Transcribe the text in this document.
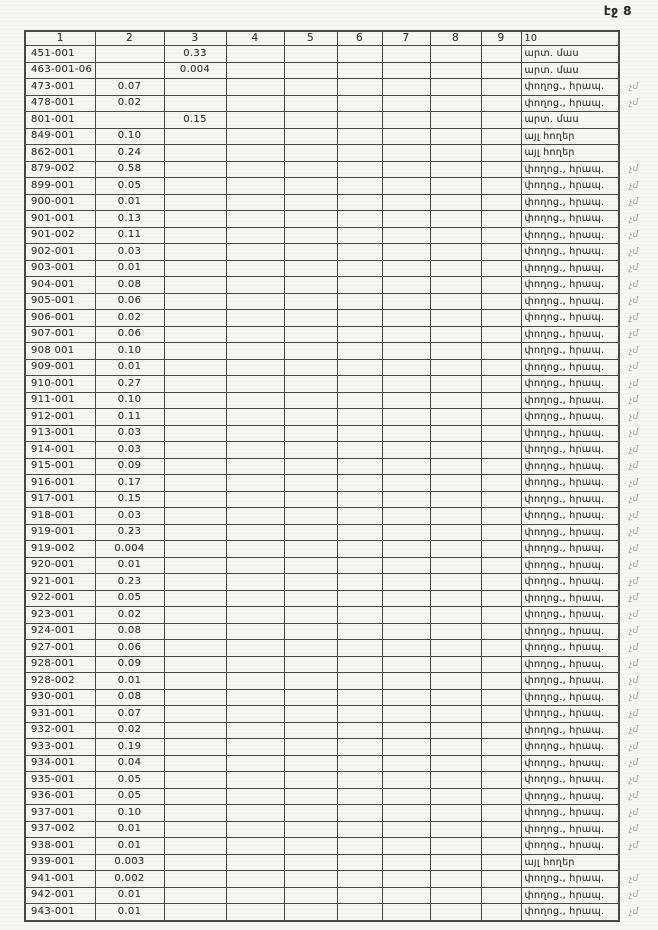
էջ 8
1	2	3	4	5	6	7	8	9	10	
451-001		0.33							արտ. մաս	
463-001-06		0.004							արտ. մաս	
473-001	0.07								փողոց., հրապ.	չմ
478-001	0.02								փողոց., հրապ.	չմ
801-001		0.15							արտ. մաս	
849-001	0.10								այլ հողեր	
862-001	0.24								այլ հողեր	
879-002	0.58								փողոց., հրապ.	չմ
899-001	0.05								փողոց., հրապ.	չմ
900-001	0.01								փողոց., հրապ.	չմ
901-001	0.13								փողոց., հրապ.	չմ
901-002	0.11								փողոց., հրապ.	չմ
902-001	0.03								փողոց., հրապ.	չմ
903-001	0.01								փողոց., հրապ.	չմ
904-001	0.08								փողոց., հրապ.	չմ
905-001	0.06								փողոց., հրապ.	չմ
906-001	0.02								փողոց., հրապ.	չմ
907-001	0.06								փողոց., հրապ.	չմ
908 001	0.10								փողոց., հրապ.	չմ
909-001	0.01								փողոց., հրապ.	չմ
910-001	0.27								փողոց., հրապ.	չմ
911-001	0.10								փողոց., հրապ.	չմ
912-001	0.11								փողոց., հրապ.	չմ
913-001	0.03								փողոց., հրապ.	չմ
914-001	0.03								փողոց., հրապ.	չմ
915-001	0.09								փողոց., հրապ.	չմ
916-001	0.17								փողոց., հրապ.	չմ
917-001	0.15								փողոց., հրապ.	չմ
918-001	0.03								փողոց., հրապ.	չմ
919-001	0.23								փողոց., հրապ.	չմ
919-002	0.004								փողոց., հրապ.	չմ
920-001	0.01								փողոց., հրապ.	չմ
921-001	0.23								փողոց., հրապ.	չմ
922-001	0.05								փողոց., հրապ.	չմ
923-001	0.02								փողոց., հրապ.	չմ
924-001	0.08								փողոց., հրապ.	չմ
927-001	0.06								փողոց., հրապ.	չմ
928-001	0.09								փողոց., հրապ.	չմ
928-002	0.01								փողոց., հրապ.	չմ
930-001	0.08								փողոց., հրապ.	չմ
931-001	0.07								փողոց., հրապ.	չմ
932-001	0.02								փողոց., հրապ.	չմ
933-001	0.19								փողոց., հրապ.	չմ
934-001	0.04								փողոց., հրապ.	չմ
935-001	0.05								փողոց., հրապ.	չմ
936-001	0.05								փողոց., հրապ.	չմ
937-001	0.10								փողոց., հրապ.	չմ
937-002	0.01								փողոց., հրապ.	չմ
938-001	0.01								փողոց., հրապ.	չմ
939-001	0.003								այլ հողեր	
941-001	0.002								փողոց., հրապ.	չմ
942-001	0.01								փողոց., հրապ.	չմ
943-001	0.01								փողոց., հրապ.	չմ
